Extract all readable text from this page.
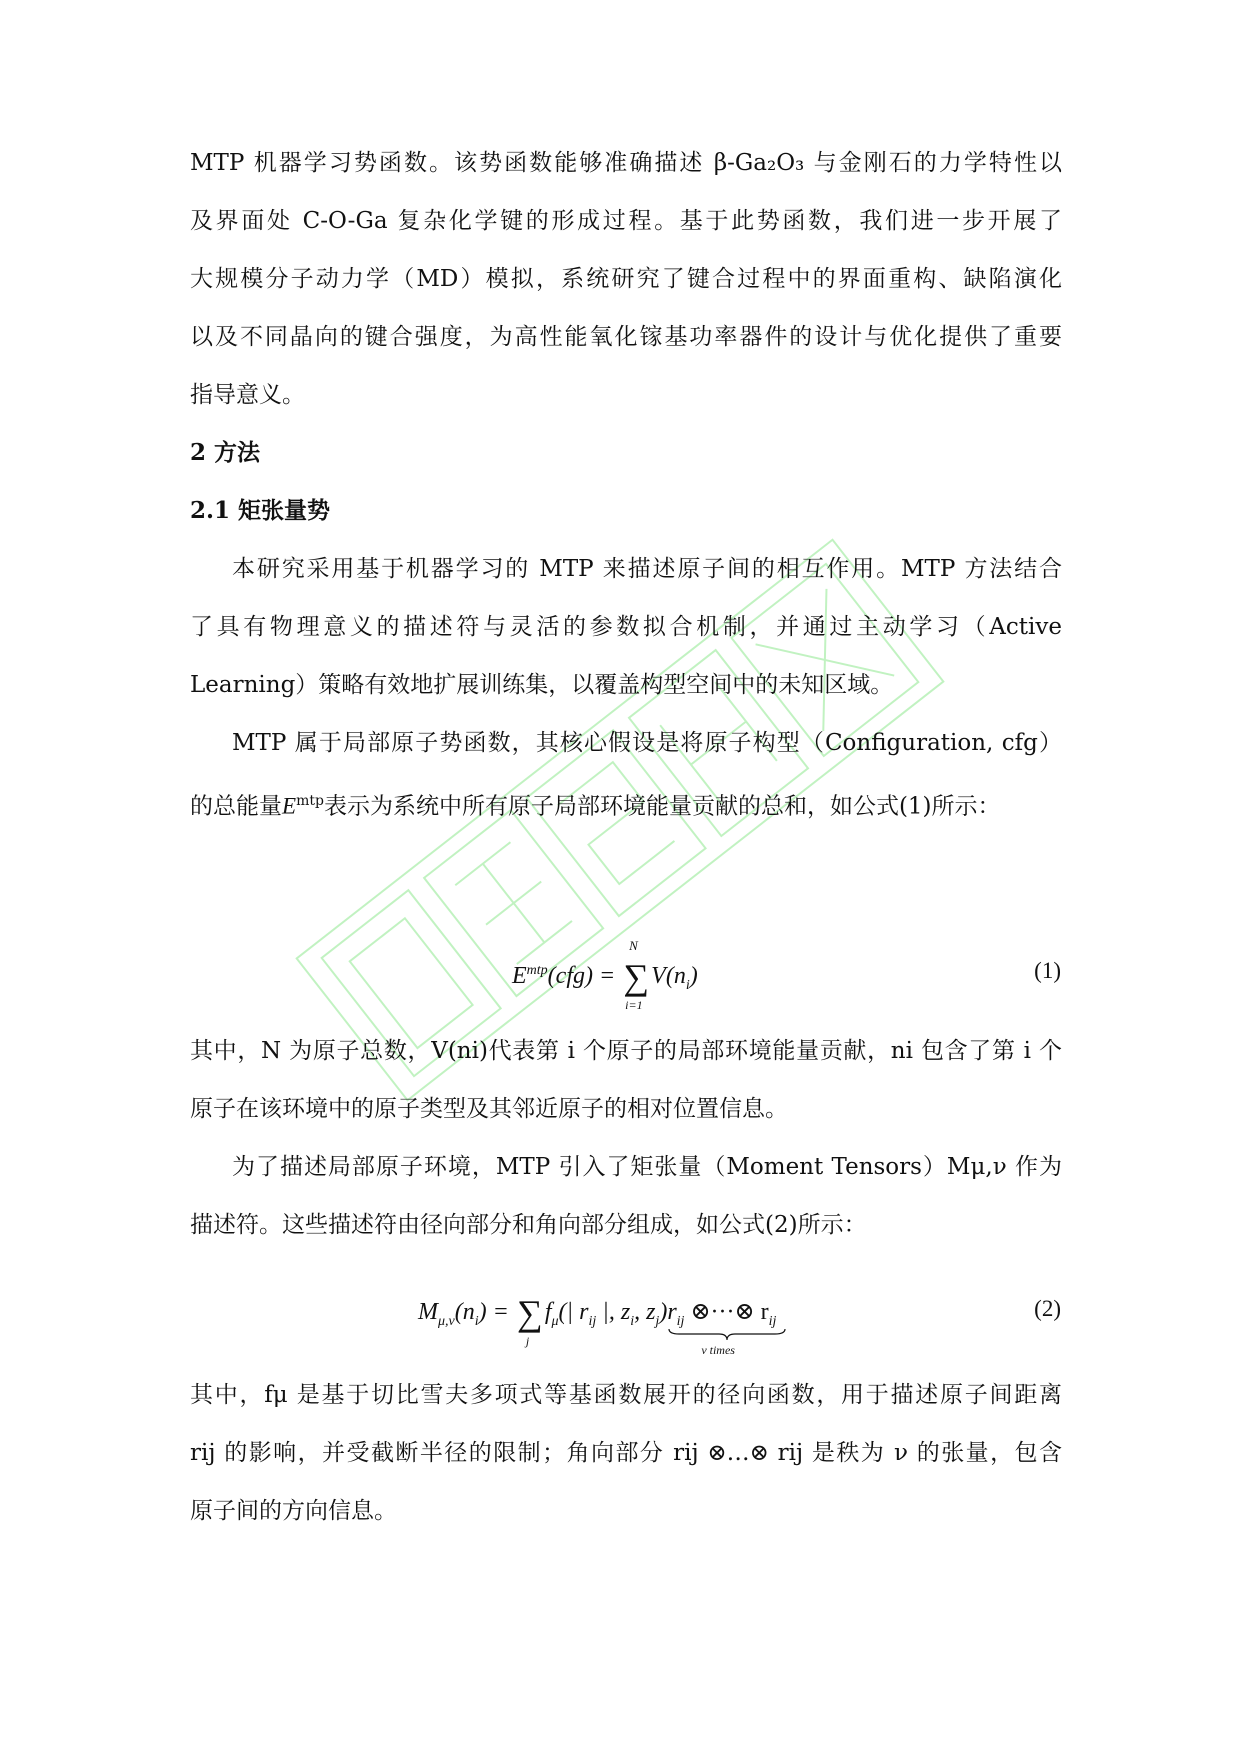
MTP 机器学习势函数。该势函数能够准确描述 β-Ga₂O₃ 与金刚石的力学特性以
及界面处 C-O-Ga 复杂化学键的形成过程。基于此势函数，我们进一步开展了
大规模分子动力学（MD）模拟，系统研究了键合过程中的界面重构、缺陷演化
以及不同晶向的键合强度，为高性能氧化镓基功率器件的设计与优化提供了重要
指导意义。
2 方法
2.1 矩张量势
本研究采用基于机器学习的 MTP 来描述原子间的相互作用。MTP 方法结合
了具有物理意义的描述符与灵活的参数拟合机制，并通过主动学习（Active
Learning）策略有效地扩展训练集，以覆盖构型空间中的未知区域。
MTP 属于局部原子势函数，其核心假设是将原子构型（Configuration, cfg）
的总能量$E^{mtp}$表示为系统中所有原子局部环境能量贡献的总和，如公式(1)所示：
$E^{mtp}(cfg)$ = ∑
N
i=1
$V(n_i)$	(1)
其中，N 为原子总数，V(ni)代表第 i 个原子的局部环境能量贡献，ni 包含了第 i 个
原子在该环境中的原子类型及其邻近原子的相对位置信息。
为了描述局部原子环境，MTP 引入了矩张量（Moment Tensors）Mμ,ν 作为
描述符。这些描述符由径向部分和角向部分组成，如公式(2)所示：
$M_{\mu,\nu}(n_i)$ = ∑
j
$f_\mu(|$ $r_{ij}$ |, $z_i$, $z_j)r_{ij}$ ⊗···⊗ $r_{ij}$
ν times
(2)
其中，fμ 是基于切比雪夫多项式等基函数展开的径向函数，用于描述原子间距离
rij 的影响，并受截断半径的限制；角向部分 rij ⊗…⊗ rij 是秩为 ν 的张量，包含
原子间的方向信息。
